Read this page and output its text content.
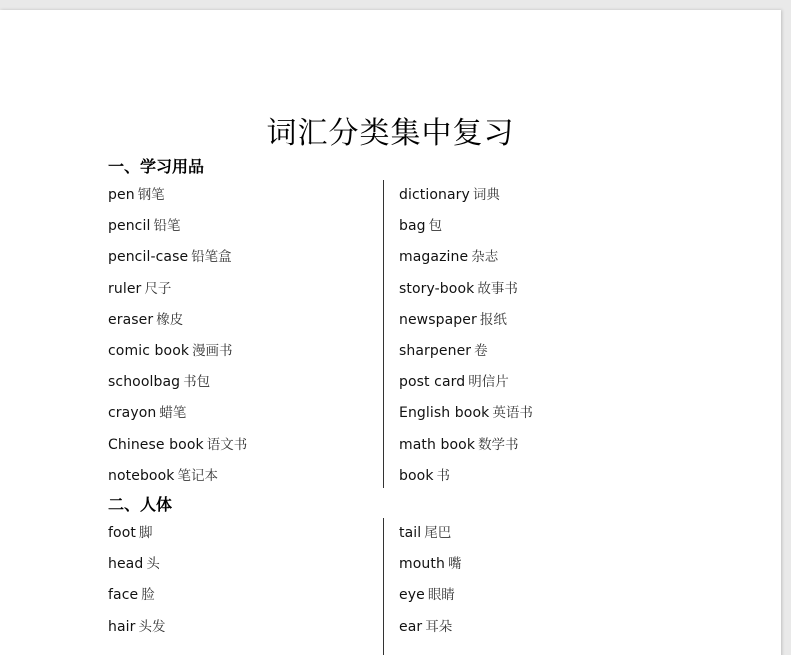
词汇分类集中复习
一、学习用品
pen 钢笔
pencil 铅笔
pencil-case 铅笔盒
ruler 尺子
eraser 橡皮
comic book 漫画书
schoolbag 书包
crayon 蜡笔
Chinese book 语文书
notebook 笔记本
dictionary 词典
bag 包
magazine 杂志
story-book 故事书
newspaper 报纸
sharpener 卷
post card 明信片
English book 英语书
math book 数学书
book 书
二、人体
foot 脚
head 头
face 脸
hair 头发
tail 尾巴
mouth 嘴
eye 眼睛
ear 耳朵
